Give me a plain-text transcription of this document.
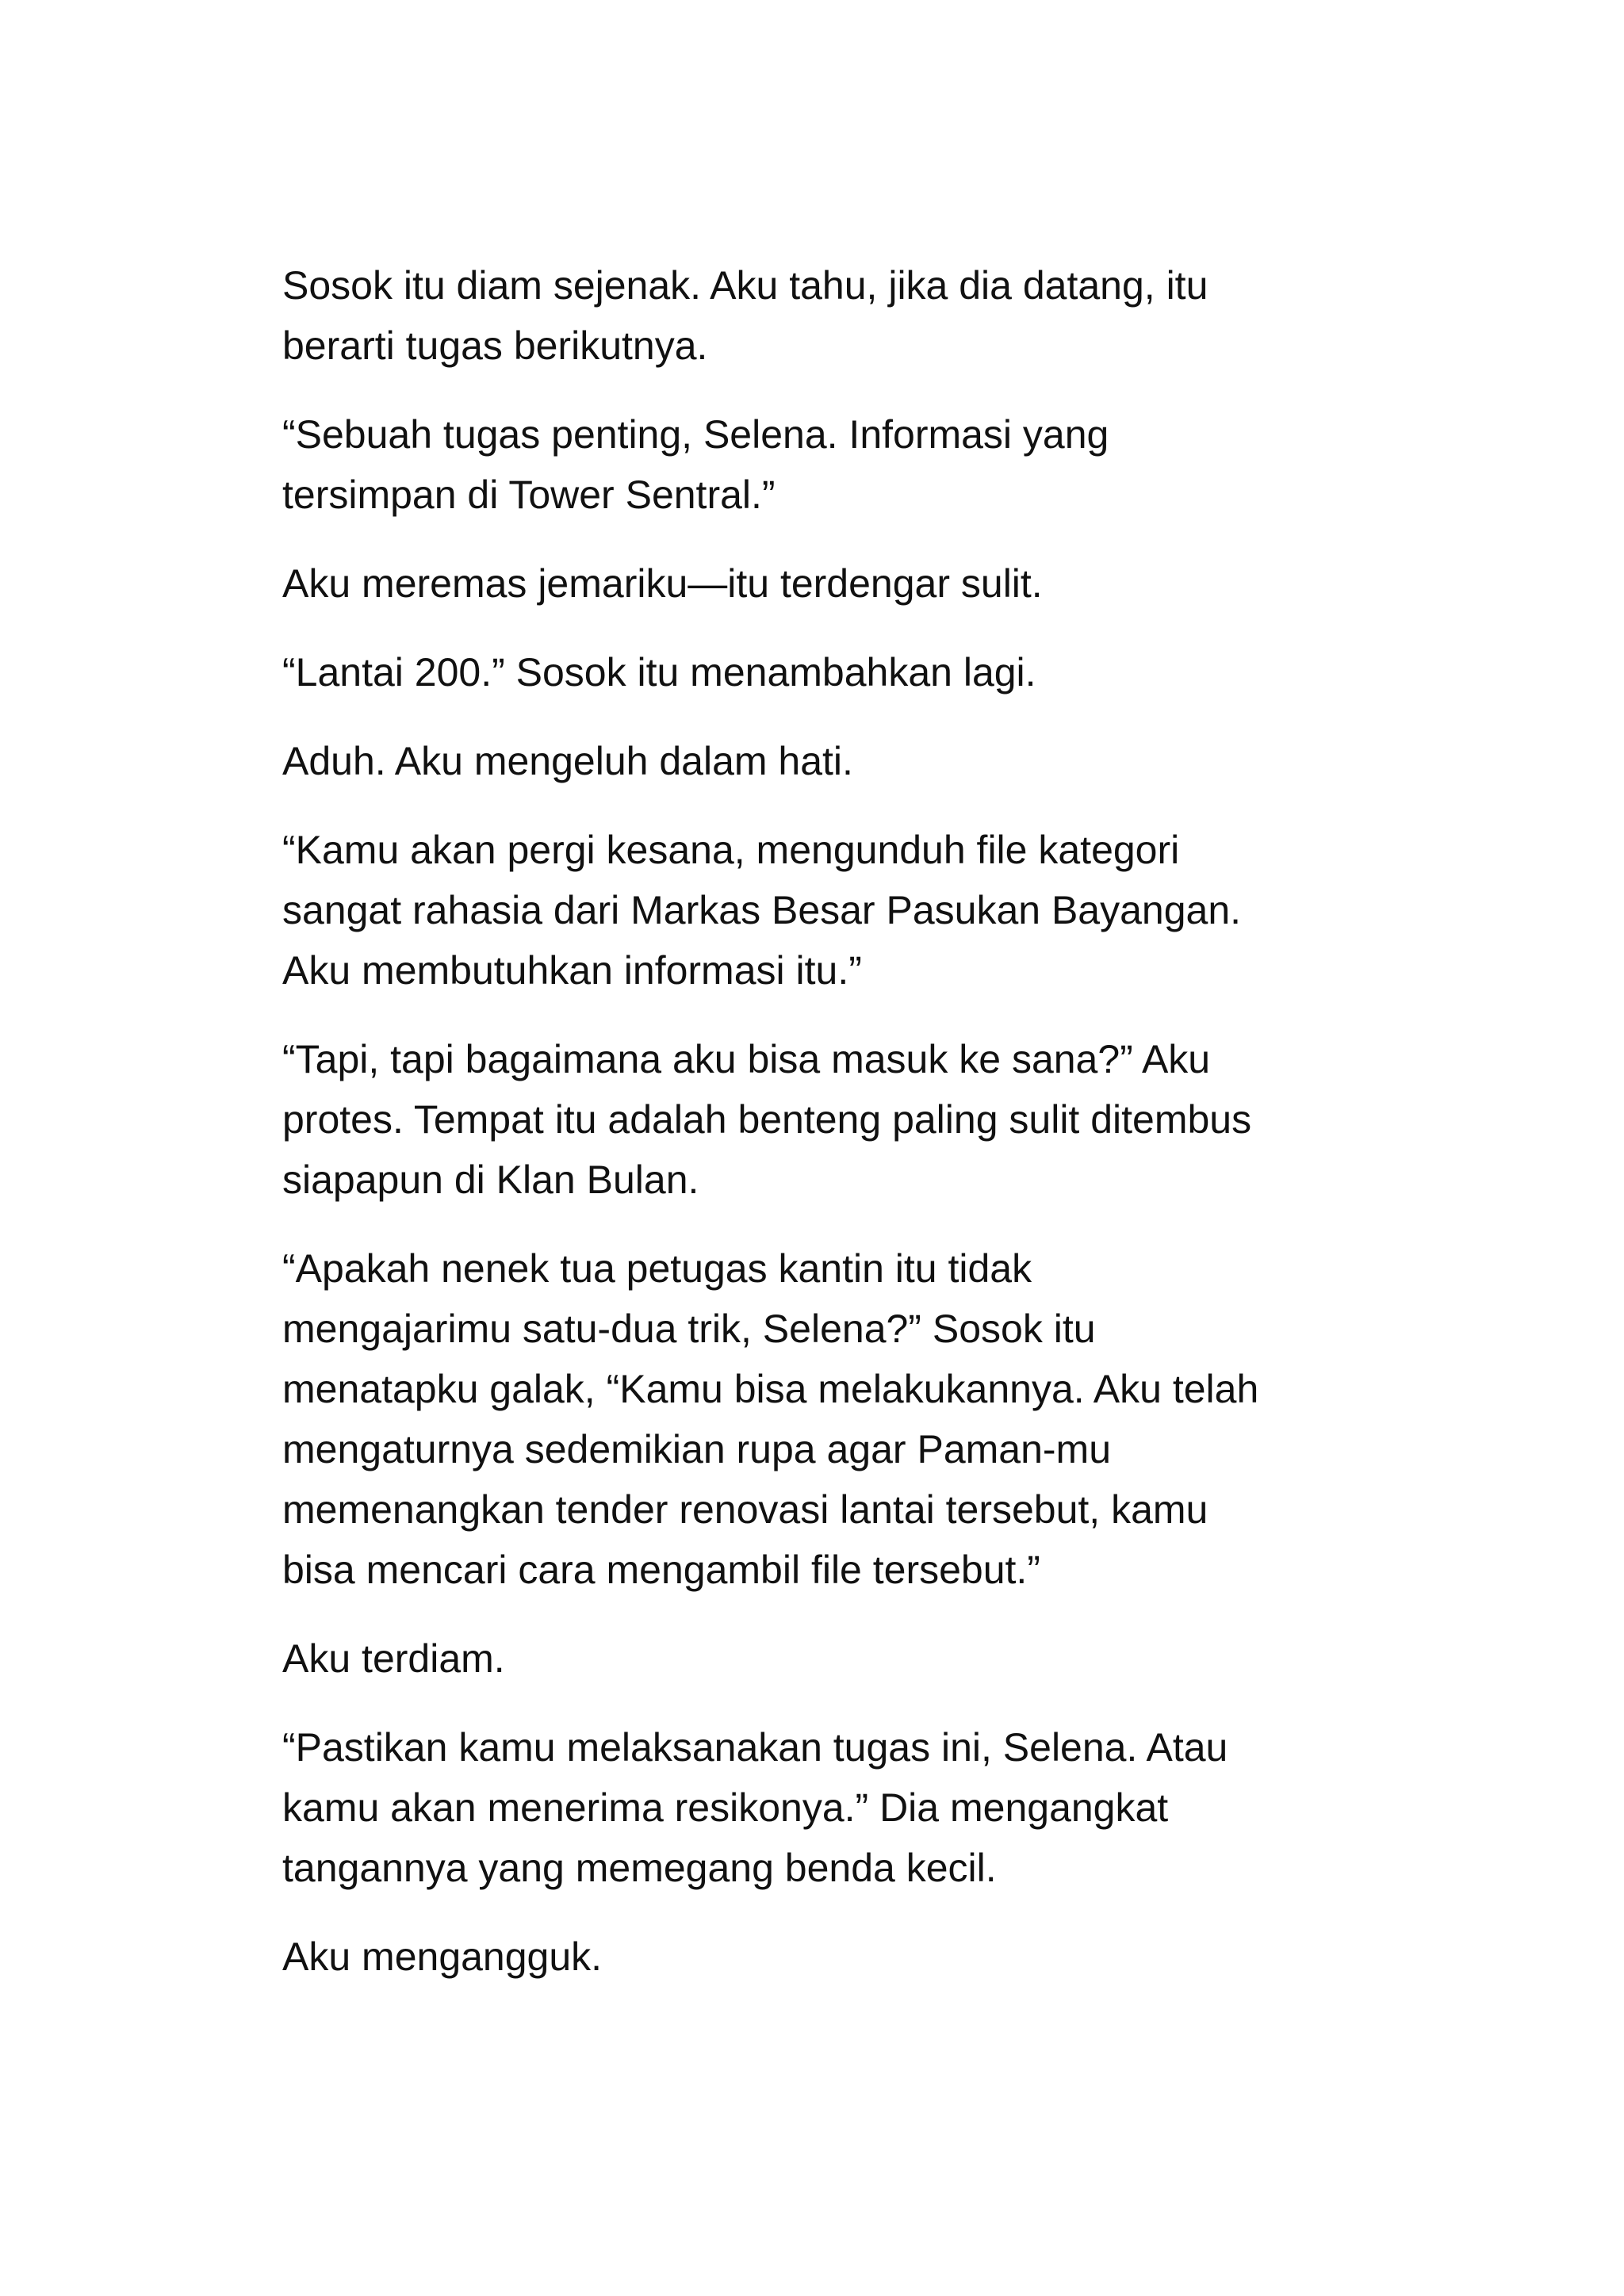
Sosok itu diam sejenak. Aku tahu, jika dia datang, itu
berarti tugas berikutnya.

“Sebuah tugas penting, Selena. Informasi yang
tersimpan di Tower Sentral.”

Aku meremas jemariku—itu terdengar sulit.

“Lantai 200.” Sosok itu menambahkan lagi.

Aduh. Aku mengeluh dalam hati.

“Kamu akan pergi kesana, mengunduh file kategori
sangat rahasia dari Markas Besar Pasukan Bayangan.
Aku membutuhkan informasi itu.”

“Tapi, tapi bagaimana aku bisa masuk ke sana?” Aku
protes. Tempat itu adalah benteng paling sulit ditembus
siapapun di Klan Bulan.

“Apakah nenek tua petugas kantin itu tidak
mengajarimu satu-dua trik, Selena?” Sosok itu
menatapku galak, “Kamu bisa melakukannya. Aku telah
mengaturnya sedemikian rupa agar Paman-mu
memenangkan tender renovasi lantai tersebut, kamu
bisa mencari cara mengambil file tersebut.”

Aku terdiam.

“Pastikan kamu melaksanakan tugas ini, Selena. Atau
kamu akan menerima resikonya.” Dia mengangkat
tangannya yang memegang benda kecil.

Aku mengangguk.
